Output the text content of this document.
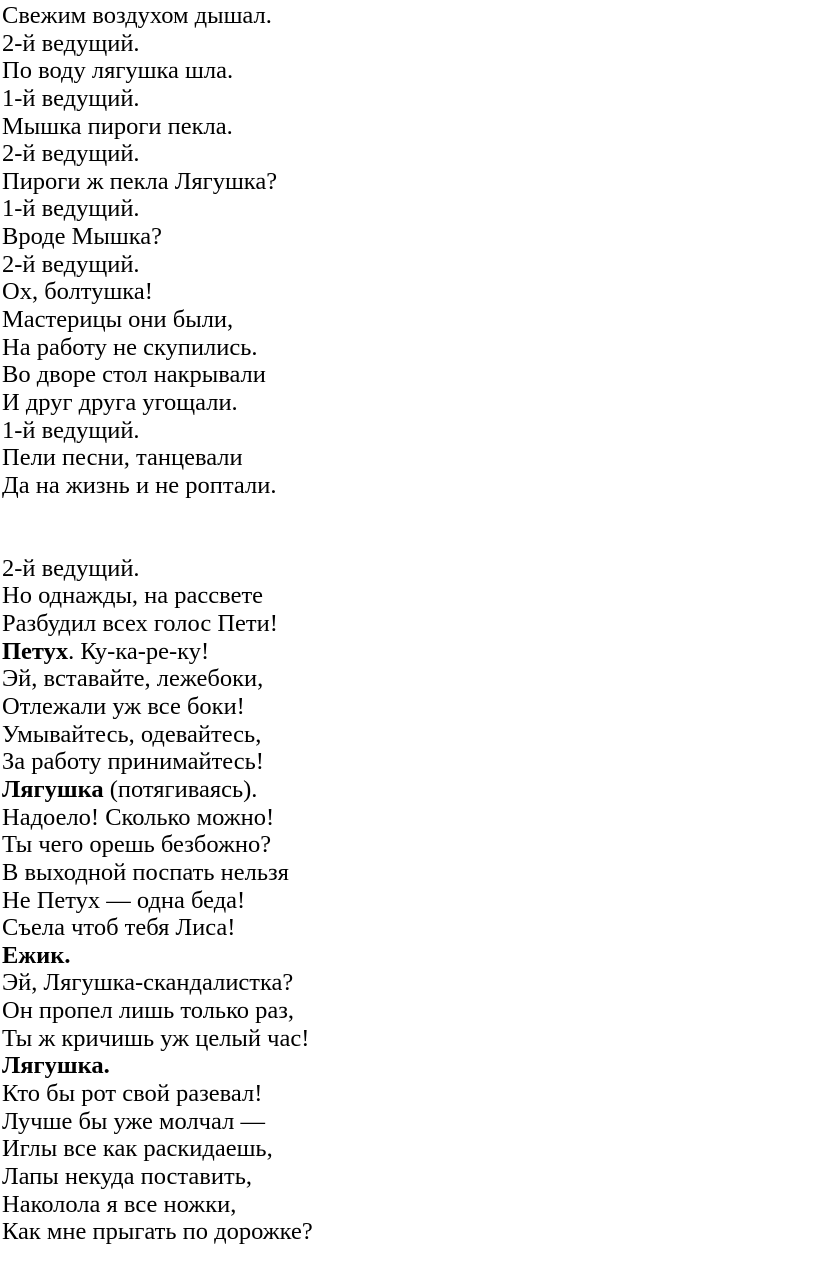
Свежим воздухом дышал.
2-й ведущий.
По воду лягушка шла.
1-й ведущий.
Мышка пироги пекла.
2-й ведущий.
Пироги ж пекла Лягушка?
1-й ведущий.
Вроде Мышка?
2-й ведущий.
Ох, болтушка!
Мастерицы они были,
На работу не скупились.
Во дворе стол накрывали
И друг друга угощали.
1-й ведущий.
Пели песни, танцевали
Да на жизнь и не роптали.
2-й ведущий.
Но однажды, на рассвете
Разбудил всех голос Пети!
Петух. Ку-ка-ре-ку!
Эй, вставайте, лежебоки,
Отлежали уж все боки!
Умывайтесь, одевайтесь,
За работу принимайтесь!
Лягушка (потягиваясь).
Надоело! Сколько можно!
Ты чего орешь безбожно?
В выходной поспать нельзя
Не Петух — одна беда!
Съела чтоб тебя Лиса!
Ежик.
Эй, Лягушка-скандалистка?
Он пропел лишь только раз,
Ты ж кричишь уж целый час!
Лягушка.
Кто бы рот свой разевал!
Лучше бы уже молчал —
Иглы все как раскидаешь,
Лапы некуда поставить,
Наколола я все ножки,
Как мне прыгать по дорожке?
